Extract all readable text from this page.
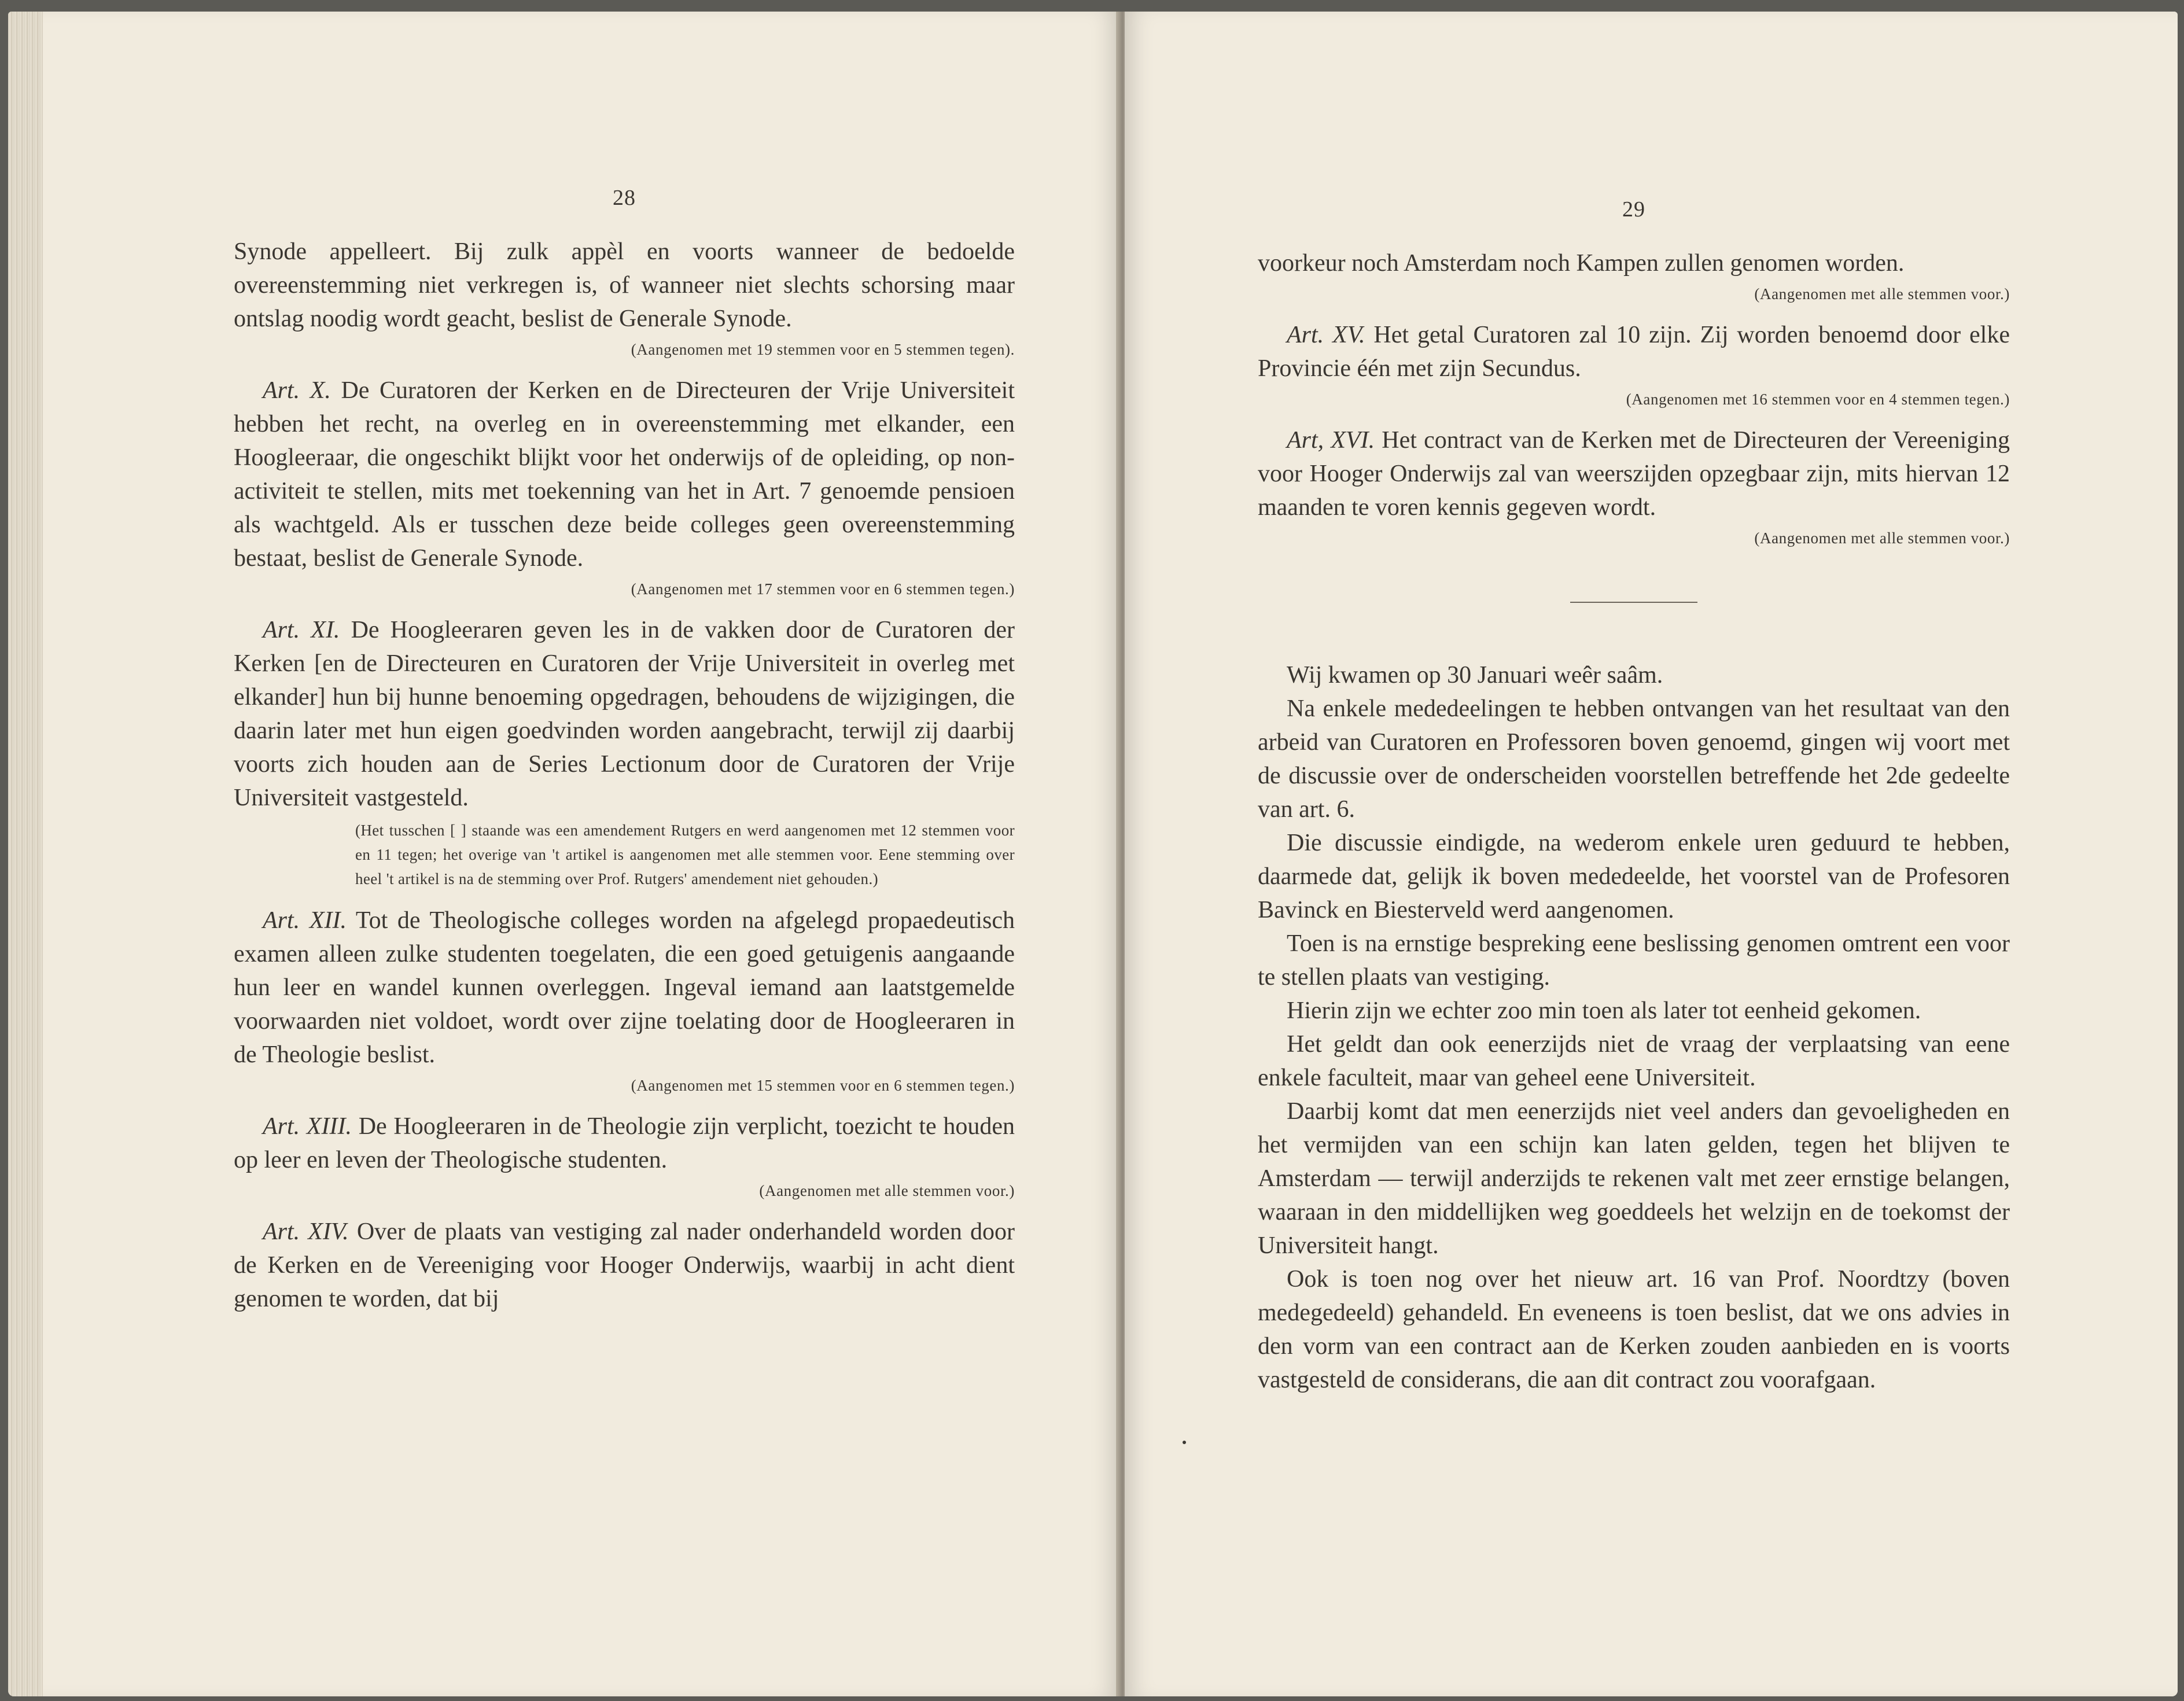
28

Synode appelleert. Bij zulk appèl en voorts wanneer de bedoelde overeenstemming niet verkregen is, of wanneer niet slechts schorsing maar ontslag noodig wordt geacht, beslist de Generale Synode.

(Aangenomen met 19 stemmen voor en 5 stemmen tegen).

Art. X. De Curatoren der Kerken en de Directeuren der Vrije Universiteit hebben het recht, na overleg en in overeenstemming met elkander, een Hoogleeraar, die ongeschikt blijkt voor het onderwijs of de opleiding, op non-activiteit te stellen, mits met toekenning van het in Art. 7 genoemde pensioen als wachtgeld. Als er tusschen deze beide colleges geen overeenstemming bestaat, beslist de Generale Synode.

(Aangenomen met 17 stemmen voor en 6 stemmen tegen.)

Art. XI. De Hoogleeraren geven les in de vakken door de Curatoren der Kerken [en de Directeuren en Curatoren der Vrije Universiteit in overleg met elkander] hun bij hunne benoeming opgedragen, behoudens de wijzigingen, die daarin later met hun eigen goedvinden worden aangebracht, terwijl zij daarbij voorts zich houden aan de Series Lectionum door de Curatoren der Vrije Universiteit vastgesteld.

(Het tusschen [ ] staande was een amendement Rutgers en werd aangenomen met 12 stemmen voor en 11 tegen; het overige van 't artikel is aangenomen met alle stemmen voor. Eene stemming over heel 't artikel is na de stemming over Prof. Rutgers' amendement niet gehouden.)

Art. XII. Tot de Theologische colleges worden na afgelegd propaedeutisch examen alleen zulke studenten toegelaten, die een goed getuigenis aangaande hun leer en wandel kunnen overleggen. Ingeval iemand aan laatstgemelde voorwaarden niet voldoet, wordt over zijne toelating door de Hoogleeraren in de Theologie beslist.

(Aangenomen met 15 stemmen voor en 6 stemmen tegen.)

Art. XIII. De Hoogleeraren in de Theologie zijn verplicht, toezicht te houden op leer en leven der Theologische studenten.

(Aangenomen met alle stemmen voor.)

Art. XIV. Over de plaats van vestiging zal nader onderhandeld worden door de Kerken en de Vereeniging voor Hooger Onderwijs, waarbij in acht dient genomen te worden, dat bij

29

voorkeur noch Amsterdam noch Kampen zullen genomen worden.

(Aangenomen met alle stemmen voor.)

Art. XV. Het getal Curatoren zal 10 zijn. Zij worden benoemd door elke Provincie één met zijn Secundus.

(Aangenomen met 16 stemmen voor en 4 stemmen tegen.)

Art, XVI. Het contract van de Kerken met de Directeuren der Vereeniging voor Hooger Onderwijs zal van weerszijden opzegbaar zijn, mits hiervan 12 maanden te voren kennis gegeven wordt.

(Aangenomen met alle stemmen voor.)

Wij kwamen op 30 Januari weêr saâm.

Na enkele mededeelingen te hebben ontvangen van het resultaat van den arbeid van Curatoren en Professoren boven genoemd, gingen wij voort met de discussie over de onderscheiden voorstellen betreffende het 2de gedeelte van art. 6.

Die discussie eindigde, na wederom enkele uren geduurd te hebben, daarmede dat, gelijk ik boven mededeelde, het voorstel van de Profesoren Bavinck en Biesterveld werd aangenomen.

Toen is na ernstige bespreking eene beslissing genomen omtrent een voor te stellen plaats van vestiging.

Hierin zijn we echter zoo min toen als later tot eenheid gekomen.

Het geldt dan ook eenerzijds niet de vraag der verplaatsing van eene enkele faculteit, maar van geheel eene Universiteit.

Daarbij komt dat men eenerzijds niet veel anders dan gevoeligheden en het vermijden van een schijn kan laten gelden, tegen het blijven te Amsterdam — terwijl anderzijds te rekenen valt met zeer ernstige belangen, waaraan in den middellijken weg goeddeels het welzijn en de toekomst der Universiteit hangt.

Ook is toen nog over het nieuw art. 16 van Prof. Noordtzy (boven medegedeeld) gehandeld. En eveneens is toen beslist, dat we ons advies in den vorm van een contract aan de Kerken zouden aanbieden en is voorts vastgesteld de considerans, die aan dit contract zou voorafgaan.
